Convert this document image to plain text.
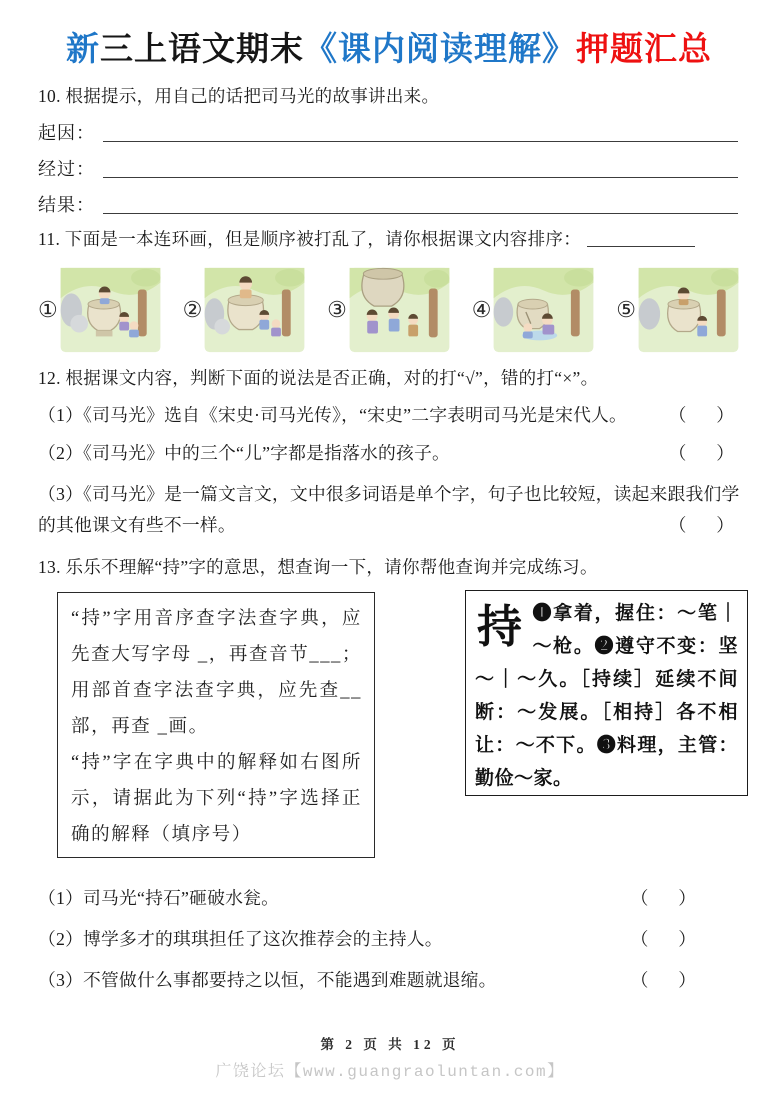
新三上语文期末《课内阅读理解》押题汇总

10. 根据提示，用自己的话把司马光的故事讲出来。

起因：
经过：
结果：
11. 下面是一本连环画，但是顺序被打乱了，请你根据课文内容排序：
①	②	③	④	⑤

12. 根据课文内容，判断下面的说法是否正确，对的打“√”，错的打“×”。

（1）《司马光》选自《宋史·司马光传》，“宋史”二字表明司马光是宋代人。 （　）
（2）《司马光》中的三个“儿”字都是指落水的孩子。	（　）
（3）《司马光》是一篇文言文，文中很多词语是单个字，句子也比较短，读起来跟我们学的其他课文有些不一样。	（　）

13. 乐乐不理解“持”字的意思，想查询一下，请你帮他查询并完成练习。

“持”字用音序查字法查字典，应先查大写字母 _，再查音节___；用部首查字法查字典，应先查__部，再查 _画。

“持”字在字典中的解释如右图所示，请据此为下列“持”字选择正确的解释（填序号）

持 ❶拿着，握住：～笔｜～枪。❷遵守不变：坚～｜～久。［持续］延续不间断：～发展。［相持］各不相让：～不下。❸料理，主管：勤俭～家。
（1）司马光“持石”砸破水瓮。	（　）
（2）博学多才的琪琪担任了这次推荐会的主持人。	（　）
（3）不管做什么事都要持之以恒，不能遇到难题就退缩。	（　）
第 2 页 共 12 页
广饶论坛【www.guangraoluntan.com】
